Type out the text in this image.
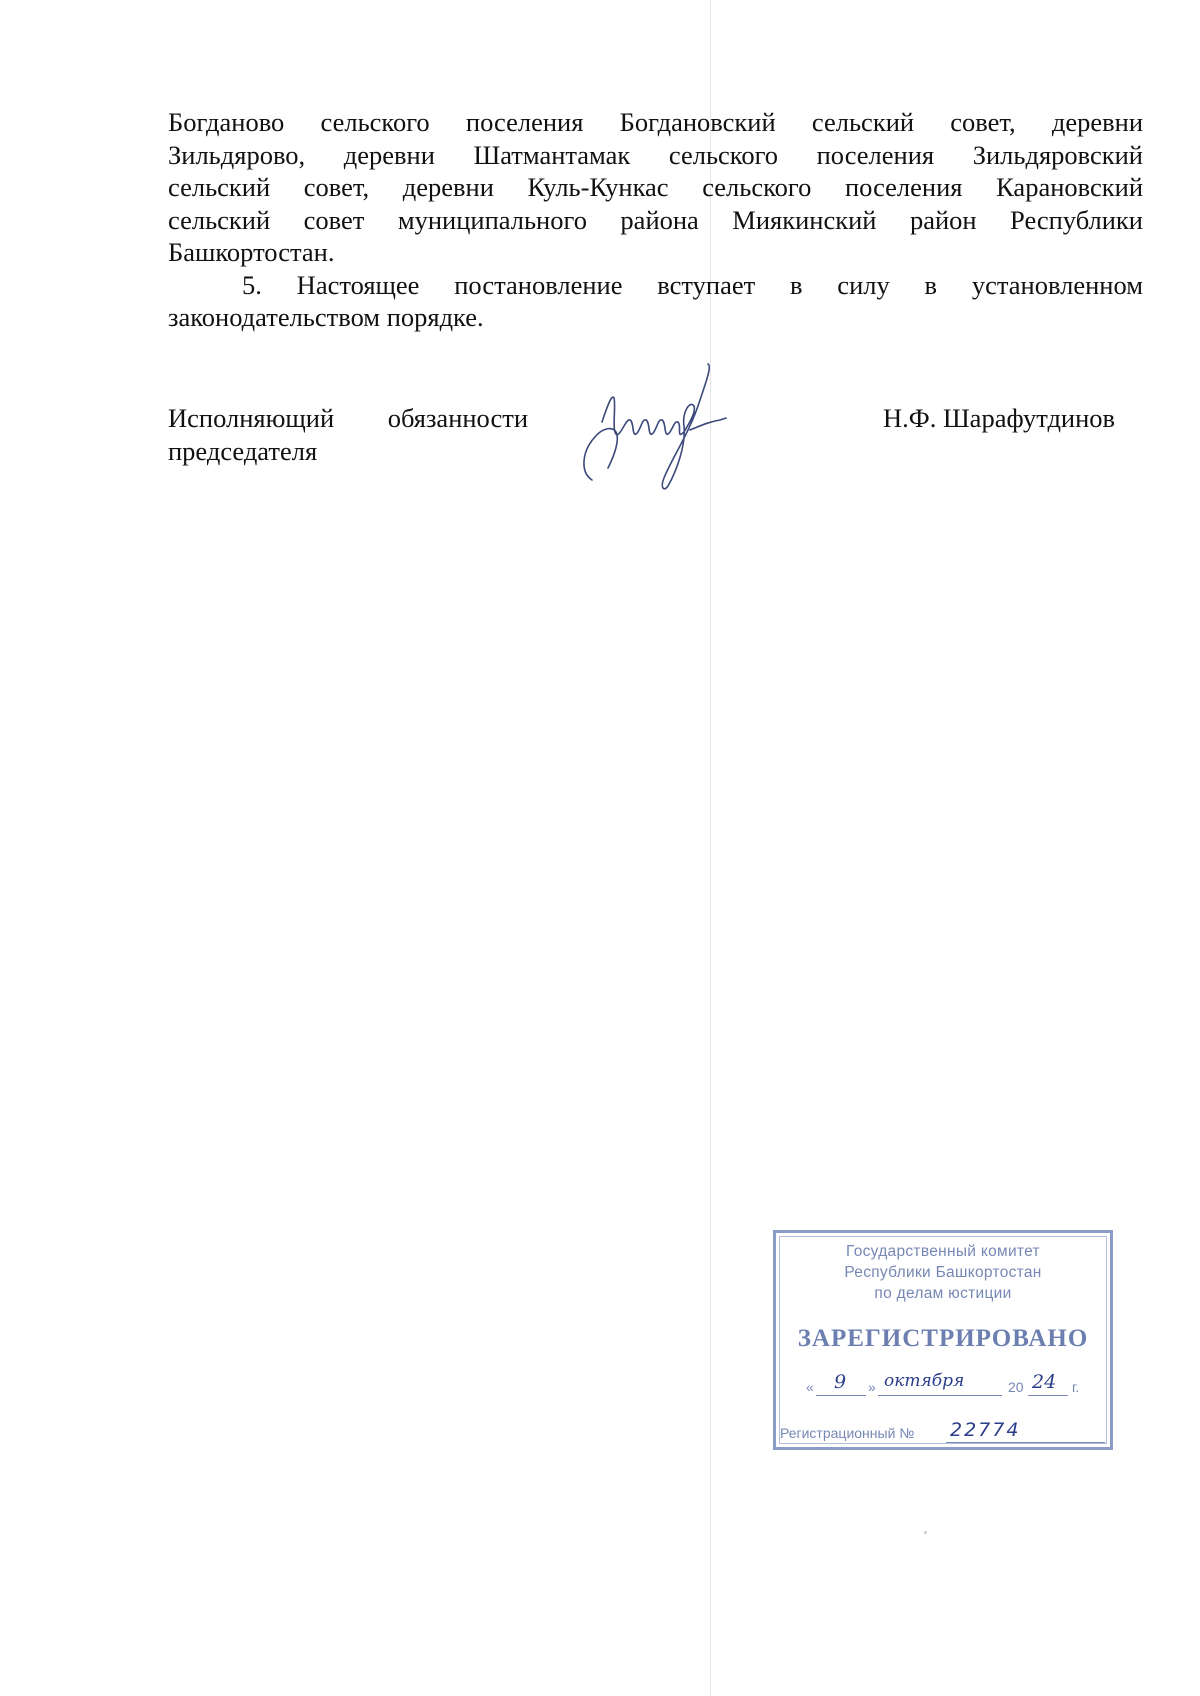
Богданово сельского поселения Богдановский сельский совет, деревни
Зильдярово, деревни Шатмантамак сельского поселения Зильдяровский
сельский совет, деревни Куль-Кункас сельского поселения Карановский
сельский совет муниципального района Миякинский район Республики

Башкортостан.

5. Настоящее постановление вступает в силу в установленном

законодательством порядке.

Исполняющий обязанности
председателя
Н.Ф. Шарафутдинов
Государственный комитет
Республики Башкортостан
по делам юстиции
ЗАРЕГИСТРИРОВАНО
« 9 » октября	20 24 г.
Регистрационный № 22774
